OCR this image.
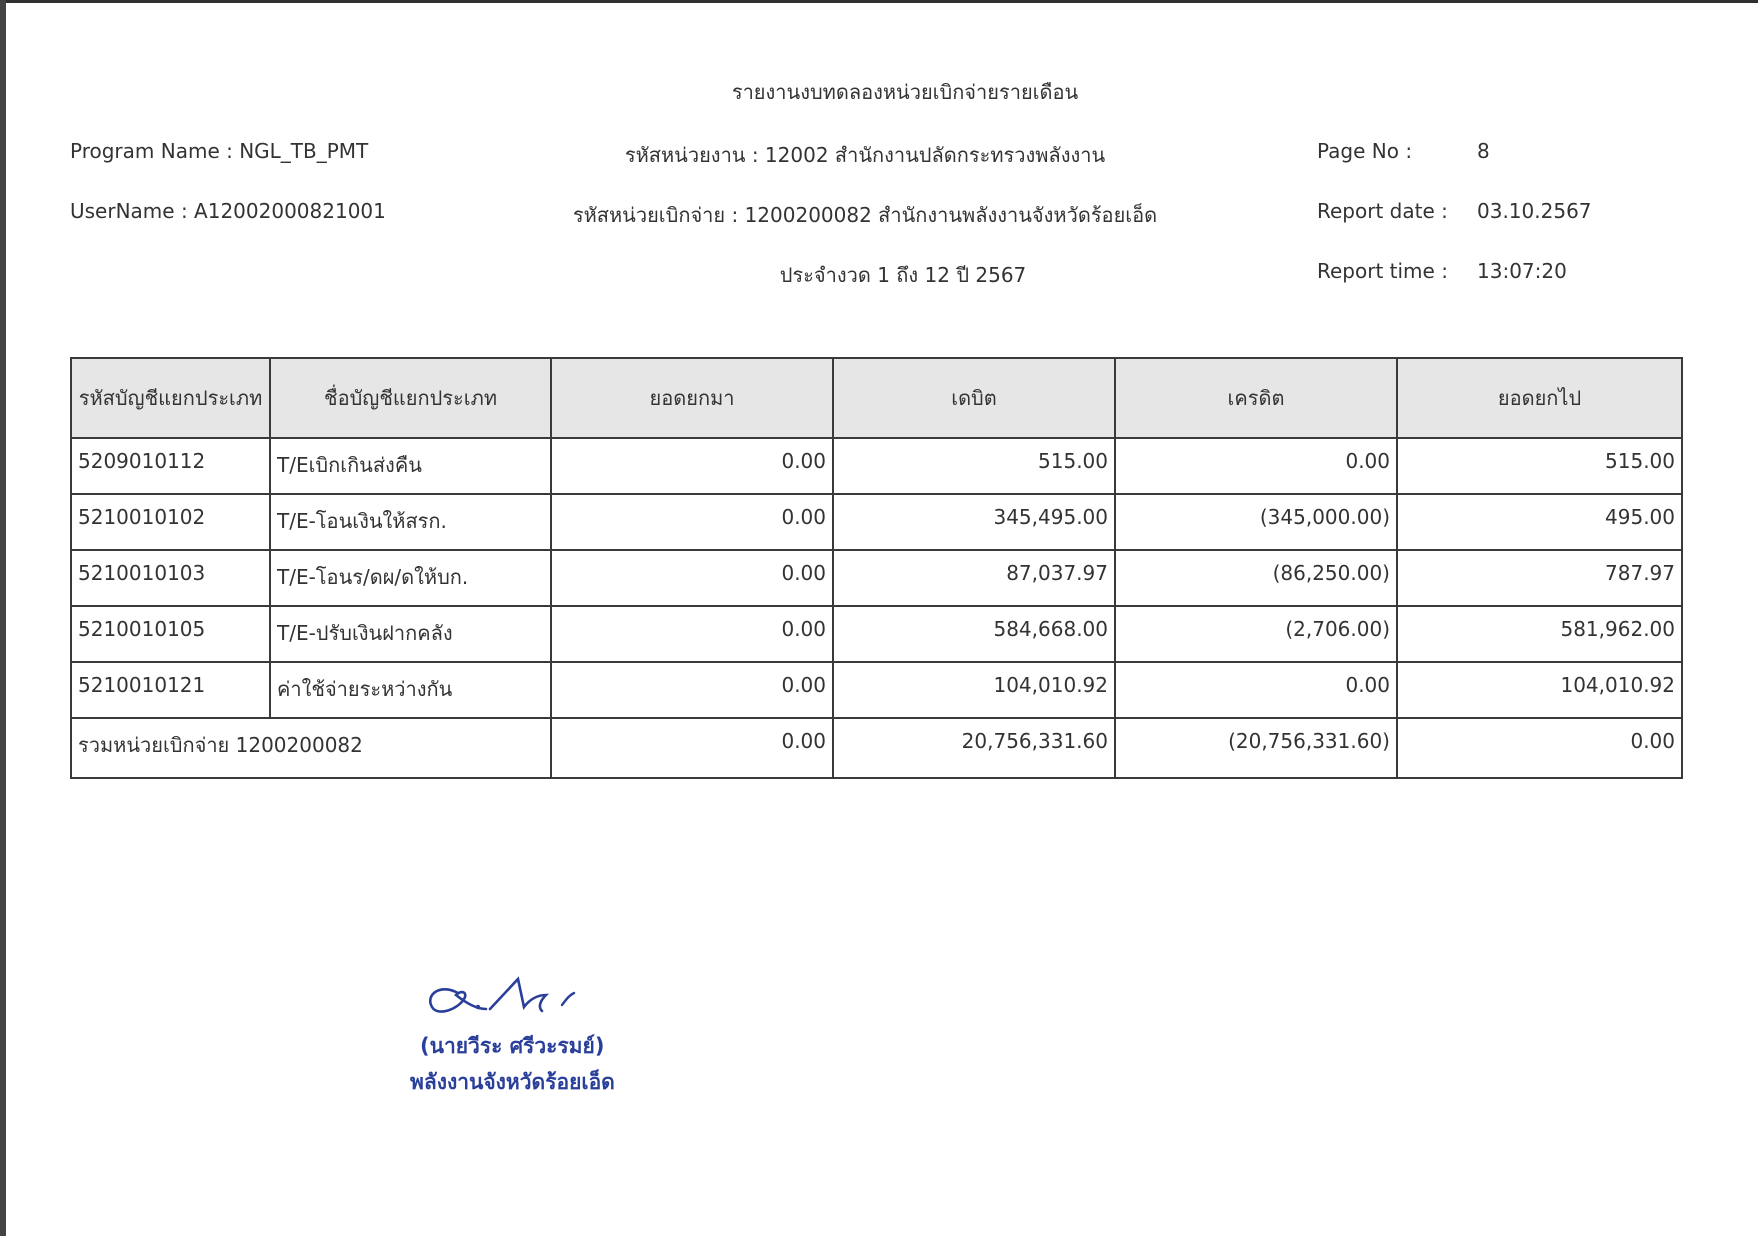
รายงานงบทดลองหน่วยเบิกจ่ายรายเดือน
Program Name : NGL_TB_PMT	รหัสหน่วยงาน : 12002 สำนักงานปลัดกระทรวงพลังงาน	Page No :	8
UserName : A12002000821001	รหัสหน่วยเบิกจ่าย : 1200200082 สำนักงานพลังงานจังหวัดร้อยเอ็ด	Report date : 03.10.2567
ประจำงวด 1 ถึง 12 ปี 2567	Report time : 13:07:20
รหัสบัญชีแยกประเภท	ชื่อบัญชีแยกประเภท	ยอดยกมา	เดบิต	เครดิต	ยอดยกไป
5209010112	T/Eเบิกเกินส่งคืน	0.00	515.00	0.00	515.00
5210010102	T/E-โอนเงินให้สรก.	0.00	345,495.00	(345,000.00)	495.00
5210010103	T/E-โอนร/ดผ/ดให้บก.	0.00	87,037.97	(86,250.00)	787.97
5210010105	T/E-ปรับเงินฝากคลัง	0.00	584,668.00	(2,706.00)	581,962.00
5210010121	ค่าใช้จ่ายระหว่างกัน	0.00	104,010.92	0.00	104,010.92
รวมหน่วยเบิกจ่าย 1200200082		0.00	20,756,331.60	(20,756,331.60)	0.00
(นายวีระ ศรีวะรมย์)
พลังงานจังหวัดร้อยเอ็ด
